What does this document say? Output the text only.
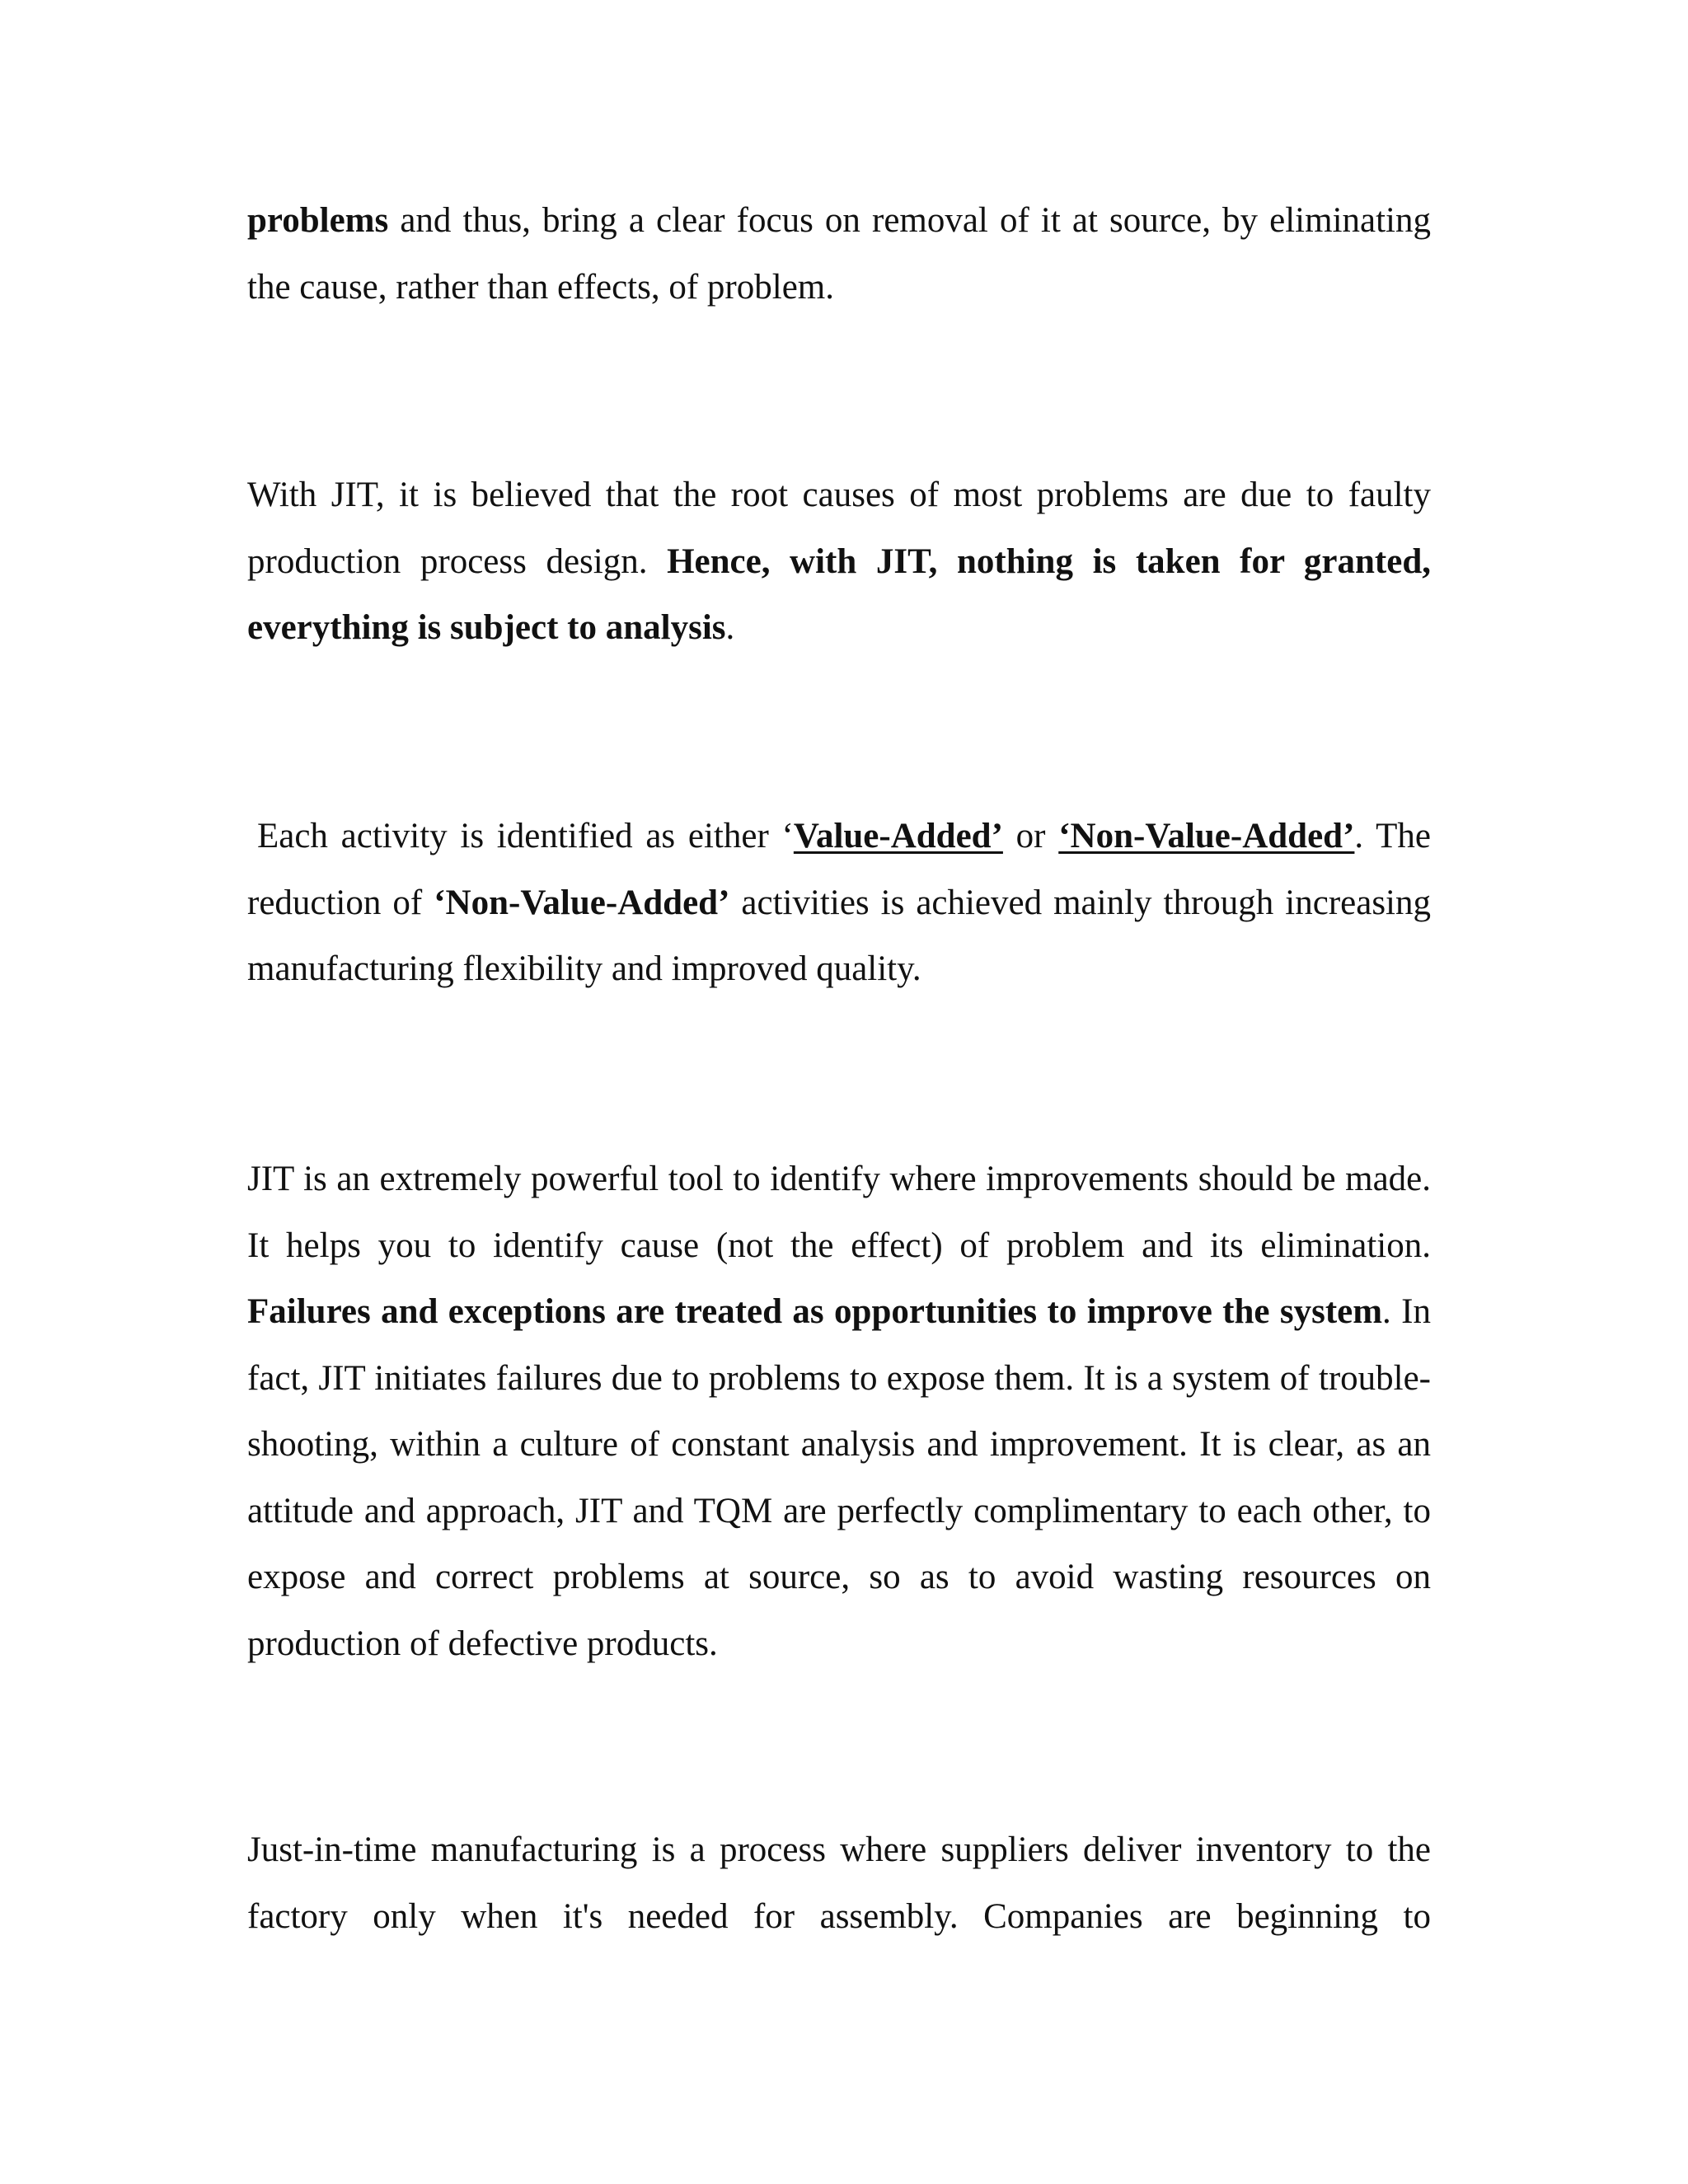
problems and thus, bring a clear focus on removal of it at source, by eliminating the cause, rather than effects, of problem.

With JIT, it is believed that the root causes of most problems are due to faulty production process design. Hence, with JIT, nothing is taken for granted, everything is subject to analysis.

Each activity is identified as either ‘Value-Added’ or ‘Non-Value-Added’. The reduction of ‘Non-Value-Added’ activities is achieved mainly through increasing manufacturing flexibility and improved quality.

JIT is an extremely powerful tool to identify where improvements should be made. It helps you to identify cause (not the effect) of problem and its elimination. Failures and exceptions are treated as opportunities to improve the system. In fact, JIT initiates failures due to problems to expose them. It is a system of trouble-shooting, within a culture of constant analysis and improvement. It is clear, as an attitude and approach, JIT and TQM are perfectly complimentary to each other, to expose and correct problems at source, so as to avoid wasting resources on production of defective products.

Just-in-time manufacturing is a process where suppliers deliver inventory to the factory only when it's needed for assembly. Companies are beginning to
